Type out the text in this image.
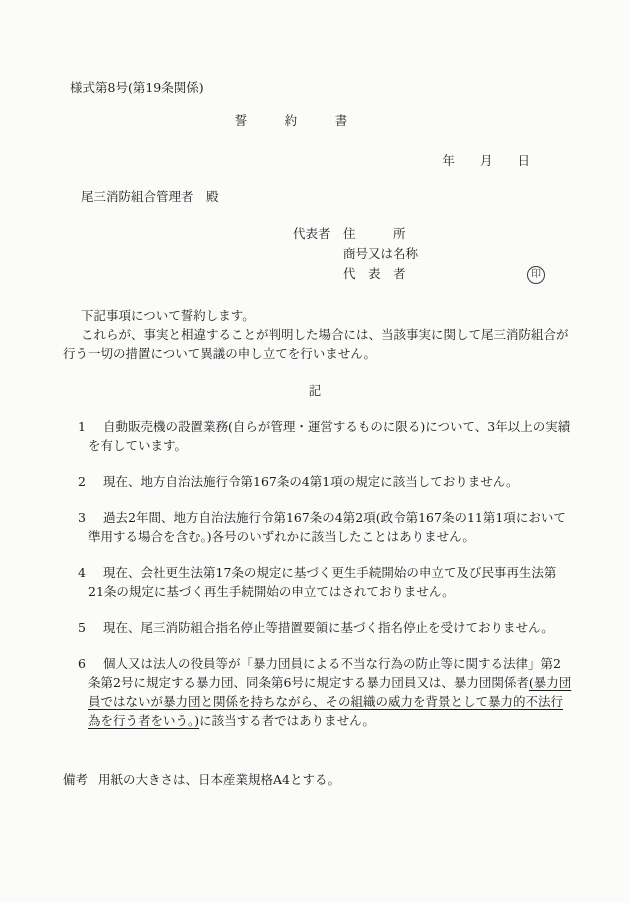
様式第8号(第19条関係)
誓　　　約　　　書
年　　月　　日
尾三消防組合管理者　殿
代表者　住　　　所
　　　　商号又は名称
　　　　代　表　者	印

下記事項について誓約します。

これらが、事実と相違することが判明した場合には、当該事実に関して尾三消防組合が行う一切の措置について異議の申し立てを行いません。

記
1 自動販売機の設置業務(自らが管理・運営するものに限る)について、3年以上の実績を有しています。
2 現在、地方自治法施行令第167条の4第1項の規定に該当しておりません。
3 過去2年間、地方自治法施行令第167条の4第2項(政令第167条の11第1項において準用する場合を含む。)各号のいずれかに該当したことはありません。
4 現在、会社更生法第17条の規定に基づく更生手続開始の申立て及び民事再生法第21条の規定に基づく再生手続開始の申立てはされておりません。
5 現在、尾三消防組合指名停止等措置要領に基づく指名停止を受けておりません。
6 個人又は法人の役員等が「暴力団員による不当な行為の防止等に関する法律」第2条第2号に規定する暴力団、同条第6号に規定する暴力団員又は、暴力団関係者(暴力団員ではないが暴力団と関係を持ちながら、その組織の威力を背景として暴力的不法行為を行う者をいう。)に該当する者ではありません。
備考 用紙の大きさは、日本産業規格A4とする。
